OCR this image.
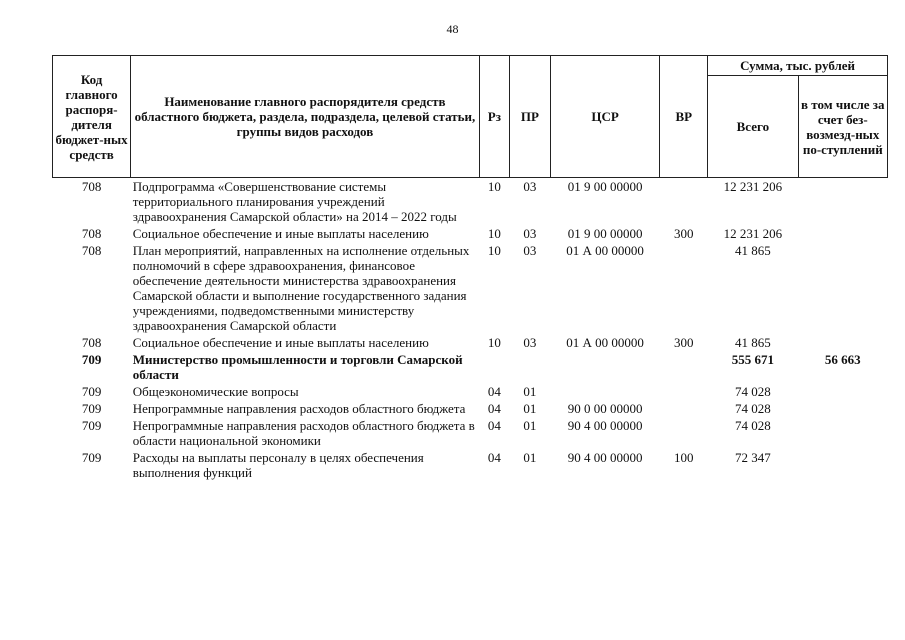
48
Код главного распоря-дителя бюджет-ных средств	Наименование главного распорядителя средств областного бюджета, раздела, подраздела, целевой статьи, группы видов расходов	Рз	ПР	ЦСР	ВР	Сумма, тыс. рублей	
						Всего	в том числе за счет без-возмезд-ных по-ступлений
708	Подпрограмма «Совершенствование системы территориального планирования учреждений здравоохранения Самарской области» на 2014 – 2022 годы	10	03	01 9 00 00000		12 231 206	
708	Социальное обеспечение и иные выплаты населению	10	03	01 9 00 00000	300	12 231 206	
708	План мероприятий, направленных на исполнение отдельных полномочий в сфере здравоохранения, финансовое обеспечение деятельности министерства здравоохранения Самарской области и выполнение государственного задания учреждениями, подведомственными министерству здравоохранения Самарской области	10	03	01 А 00 00000		41 865	
708	Социальное обеспечение и иные выплаты населению	10	03	01 А 00 00000	300	41 865	
709	Министерство промышленности и торговли Самарской области					555 671	56 663
709	Общеэкономические вопросы	04	01			74 028	
709	Непрограммные направления расходов областного бюджета	04	01	90 0 00 00000		74 028	
709	Непрограммные направления расходов областного бюджета в области национальной экономики	04	01	90 4 00 00000		74 028	
709	Расходы на выплаты персоналу в целях обеспечения выполнения функций	04	01	90 4 00 00000	100	72 347	
